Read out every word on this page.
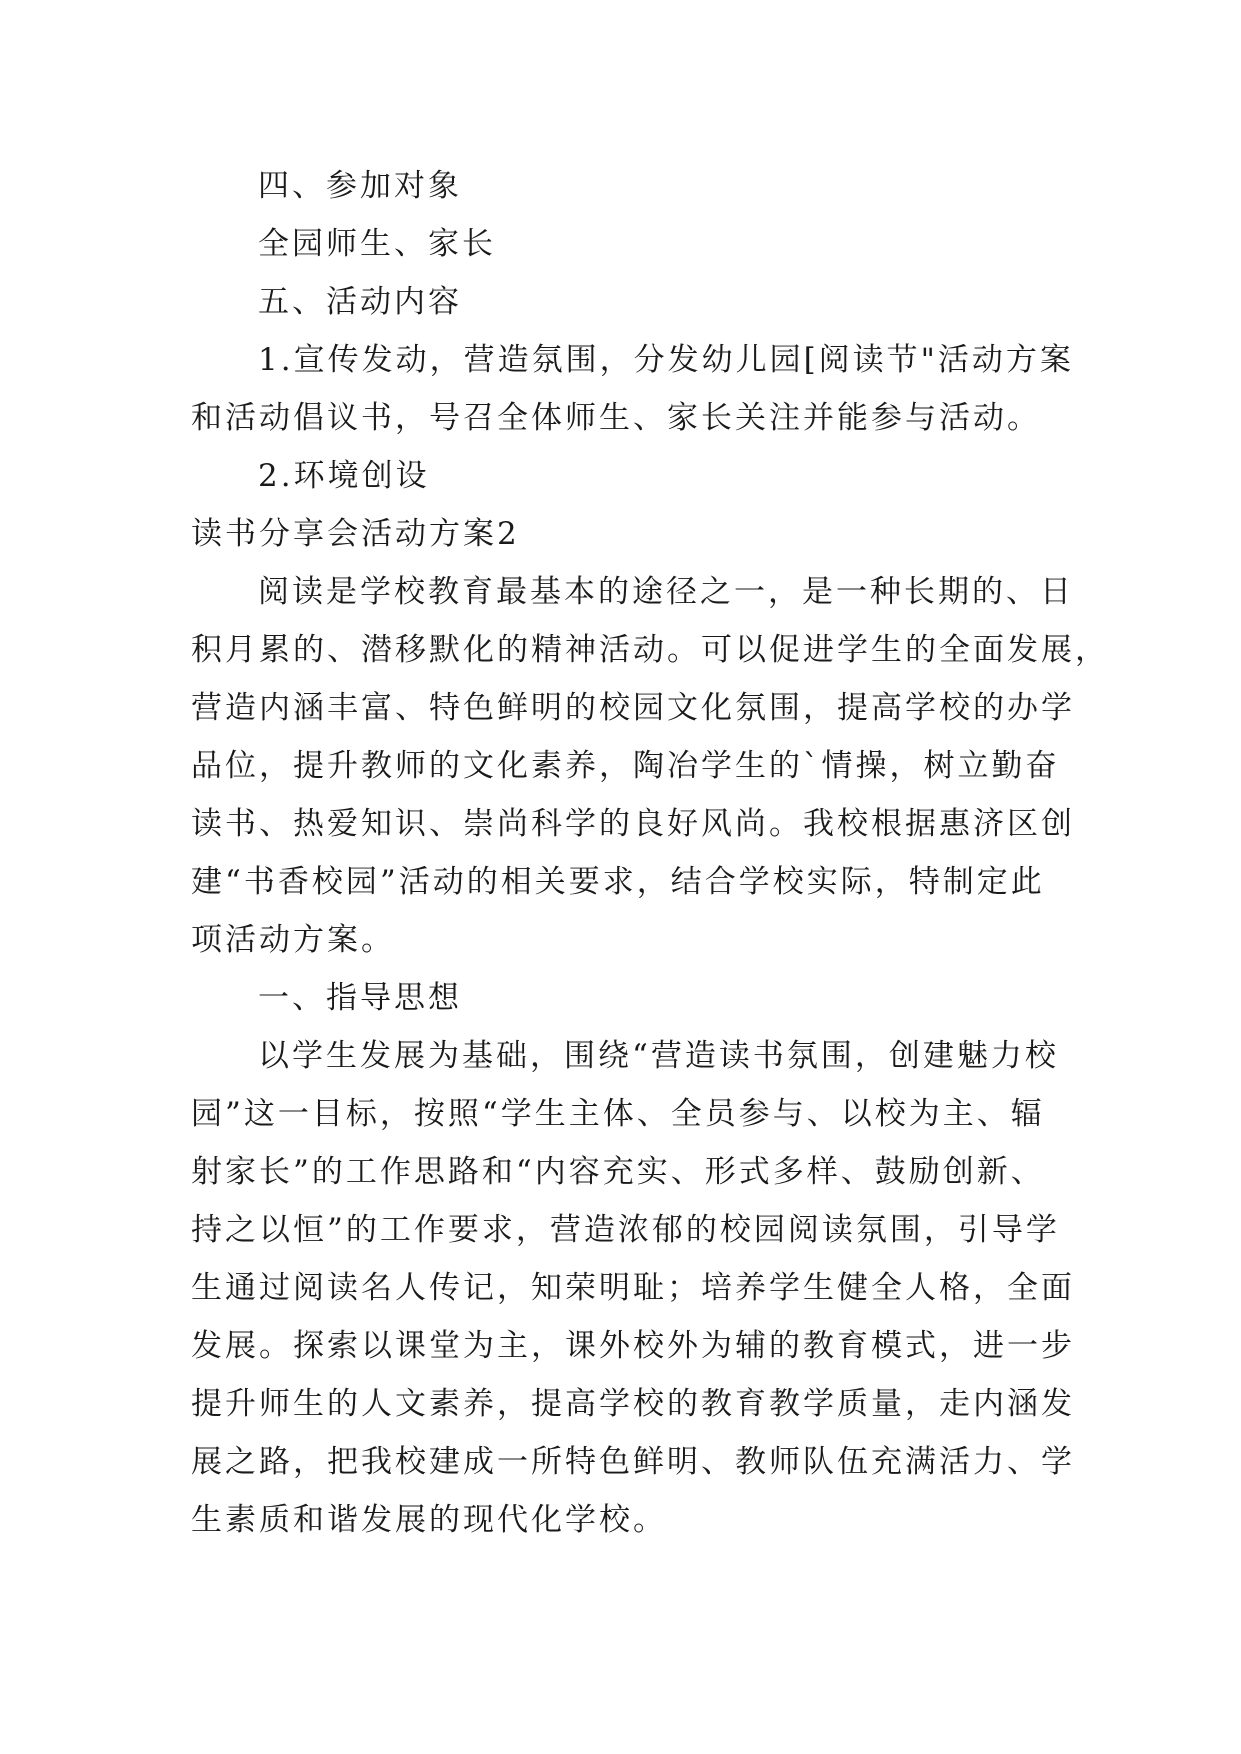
四、参加对象
全园师生、家长
五、活动内容
1.宣传发动，营造氛围，分发幼儿园[阅读节"活动方案
和活动倡议书，号召全体师生、家长关注并能参与活动。
2.环境创设
读书分享会活动方案2
阅读是学校教育最基本的途径之一，是一种长期的、日
积月累的、潜移默化的精神活动。可以促进学生的全面发展，
营造内涵丰富、特色鲜明的校园文化氛围，提高学校的办学
品位，提升教师的文化素养，陶冶学生的`情操，树立勤奋
读书、热爱知识、崇尚科学的良好风尚。我校根据惠济区创
建“书香校园”活动的相关要求，结合学校实际，特制定此
项活动方案。
一、指导思想
以学生发展为基础，围绕“营造读书氛围，创建魅力校
园”这一目标，按照“学生主体、全员参与、以校为主、辐
射家长”的工作思路和“内容充实、形式多样、鼓励创新、
持之以恒”的工作要求，营造浓郁的校园阅读氛围，引导学
生通过阅读名人传记，知荣明耻；培养学生健全人格，全面
发展。探索以课堂为主，课外校外为辅的教育模式，进一步
提升师生的人文素养，提高学校的教育教学质量，走内涵发
展之路，把我校建成一所特色鲜明、教师队伍充满活力、学
生素质和谐发展的现代化学校。
